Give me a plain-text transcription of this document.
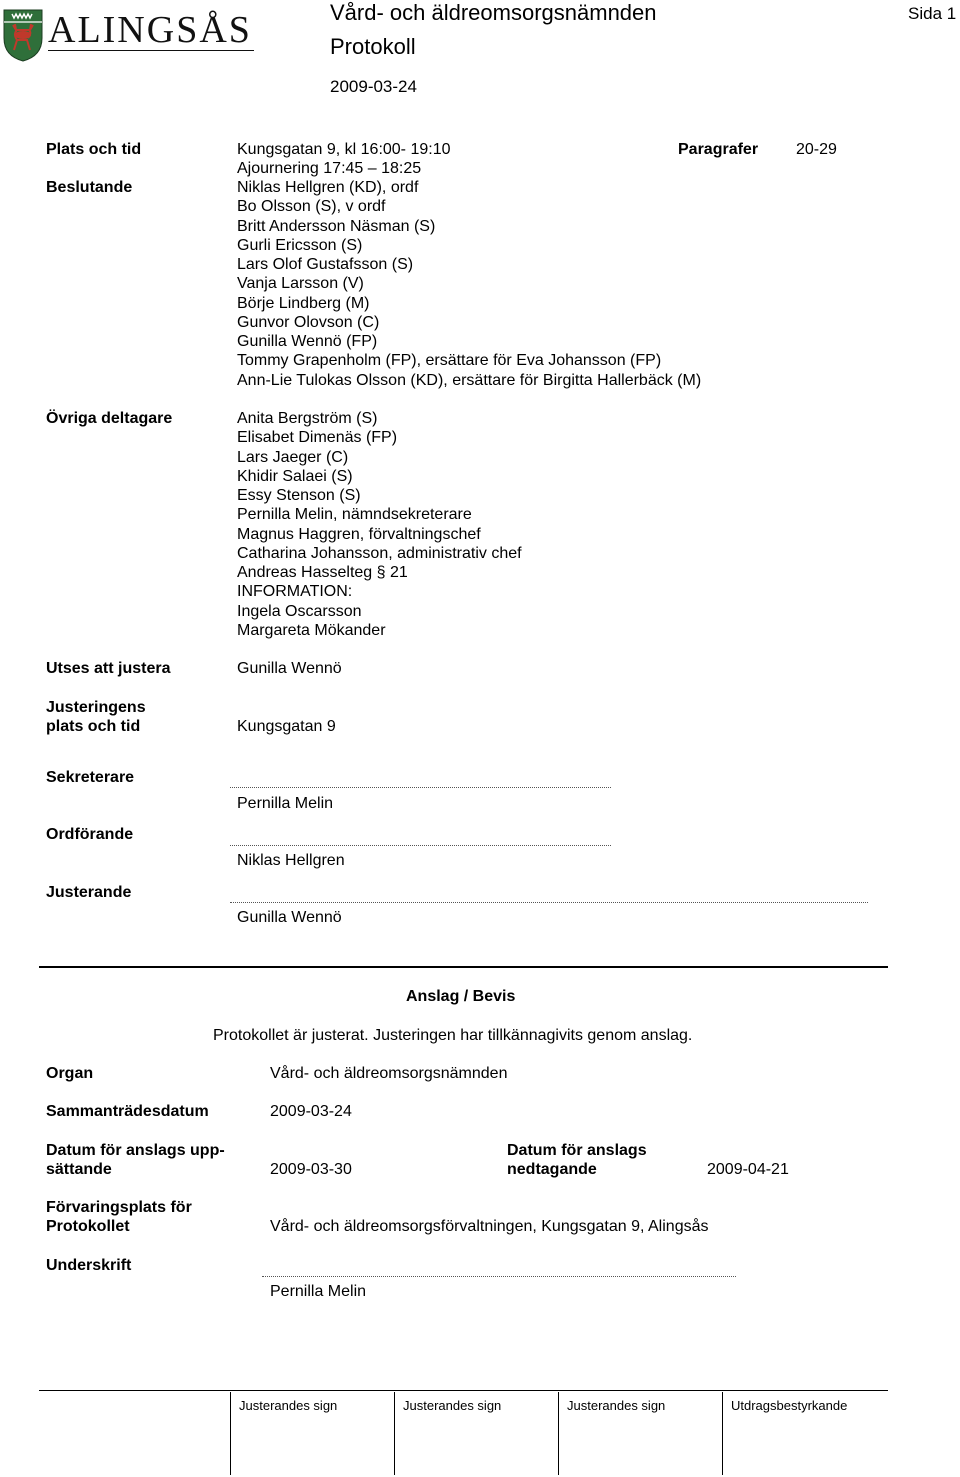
ALINGSÅS	Vård- och äldreomsorgsnämnden
Protokoll
2009-03-24
Sida 1
Plats och tid	Kungsgatan 9, kl 16:00- 19:10	Paragrafer 20-29
Ajournering 17:45 – 18:25
Beslutande	Niklas Hellgren (KD), ordf
Bo Olsson (S), v ordf
Britt Andersson Näsman (S)
Gurli Ericsson (S)
Lars Olof Gustafsson (S)
Vanja Larsson (V)
Börje Lindberg (M)
Gunvor Olovson (C)
Gunilla Wennö (FP)
Tommy Grapenholm (FP), ersättare för Eva Johansson (FP)
Ann-Lie Tulokas Olsson (KD), ersättare för Birgitta Hallerbäck (M)
Övriga deltagare	Anita Bergström (S)
Elisabet Dimenäs (FP)
Lars Jaeger (C)
Khidir Salaei (S)
Essy Stenson (S)
Pernilla Melin, nämndsekreterare
Magnus Haggren, förvaltningschef
Catharina Johansson, administrativ chef
Andreas Hasselteg § 21
INFORMATION:
Ingela Oscarsson
Margareta Mökander
Utses att justera	Gunilla Wennö
Justeringens
plats och tid	Kungsgatan 9
Sekreterare
Pernilla Melin
Ordförande
Niklas Hellgren
Justerande
Gunilla Wennö
Anslag / Bevis
Protokollet är justerat. Justeringen har tillkännagivits genom anslag.
Organ	Vård- och äldreomsorgsnämnden
Sammanträdesdatum	2009-03-24
Datum för anslags upp-
sättande	2009-03-30
Datum för anslags
nedtagande	2009-04-21
Förvaringsplats för
Protokollet	Vård- och äldreomsorgsförvaltningen, Kungsgatan 9, Alingsås
Underskrift
Pernilla Melin
Justerandes sign	Justerandes sign	Justerandes sign	Utdragsbestyrkande
